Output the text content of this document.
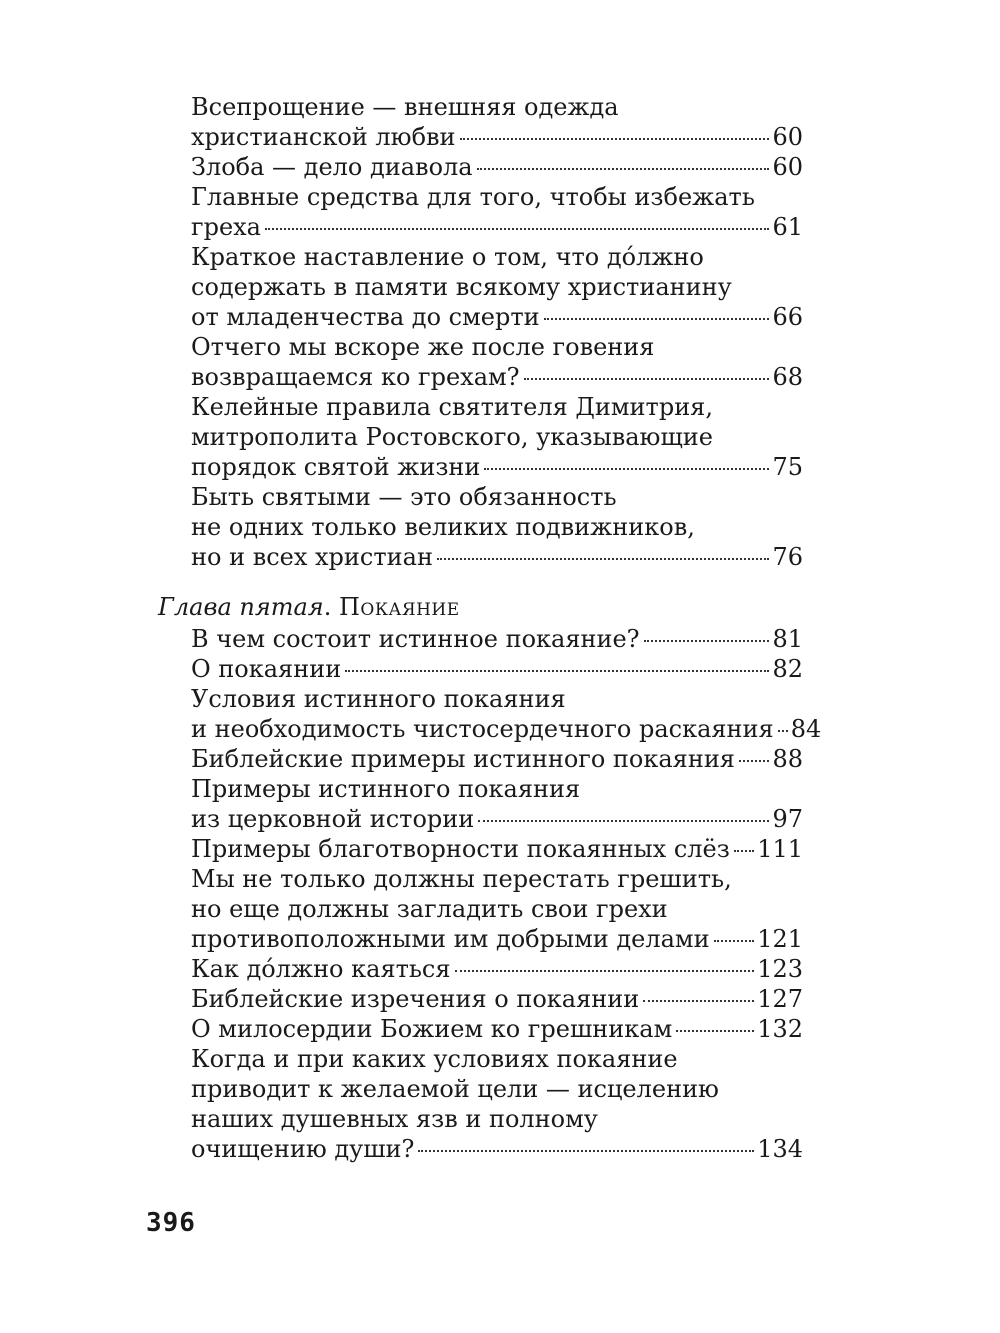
Всепрощение — внешняя одежда
христианской любви	60
Злоба — дело диавола	60
Главные средства для того, чтобы избежать
греха	61
Краткое наставление о том, что до́лжно
содержать в памяти всякому христианину
от младенчества до смерти	66
Отчего мы вскоре же после говения
возвращаемся ко грехам?	68
Келейные правила святителя Димитрия,
митрополита Ростовского, указывающие
порядок святой жизни	75
Быть святыми — это обязанность
не одних только великих подвижников,
но и всех христиан	76
Глава пятая. Покаяние
В чем состоит истинное покаяние?	81
О покаянии	82
Условия истинного покаяния
и необходимость чистосердечного раскаяния 84
Библейские примеры истинного покаяния 88
Примеры истинного покаяния
из церковной истории	97
Примеры благотворности покаянных слёз 111
Мы не только должны перестать грешить,
но еще должны загладить свои грехи
противоположными им добрыми делами 121
Как до́лжно каяться	123
Библейские изречения о покаянии	127
О милосердии Божием ко грешникам	132
Когда и при каких условиях покаяние
приводит к желаемой цели — исцелению
наших душевных язв и полному
очищению души?	134
396
